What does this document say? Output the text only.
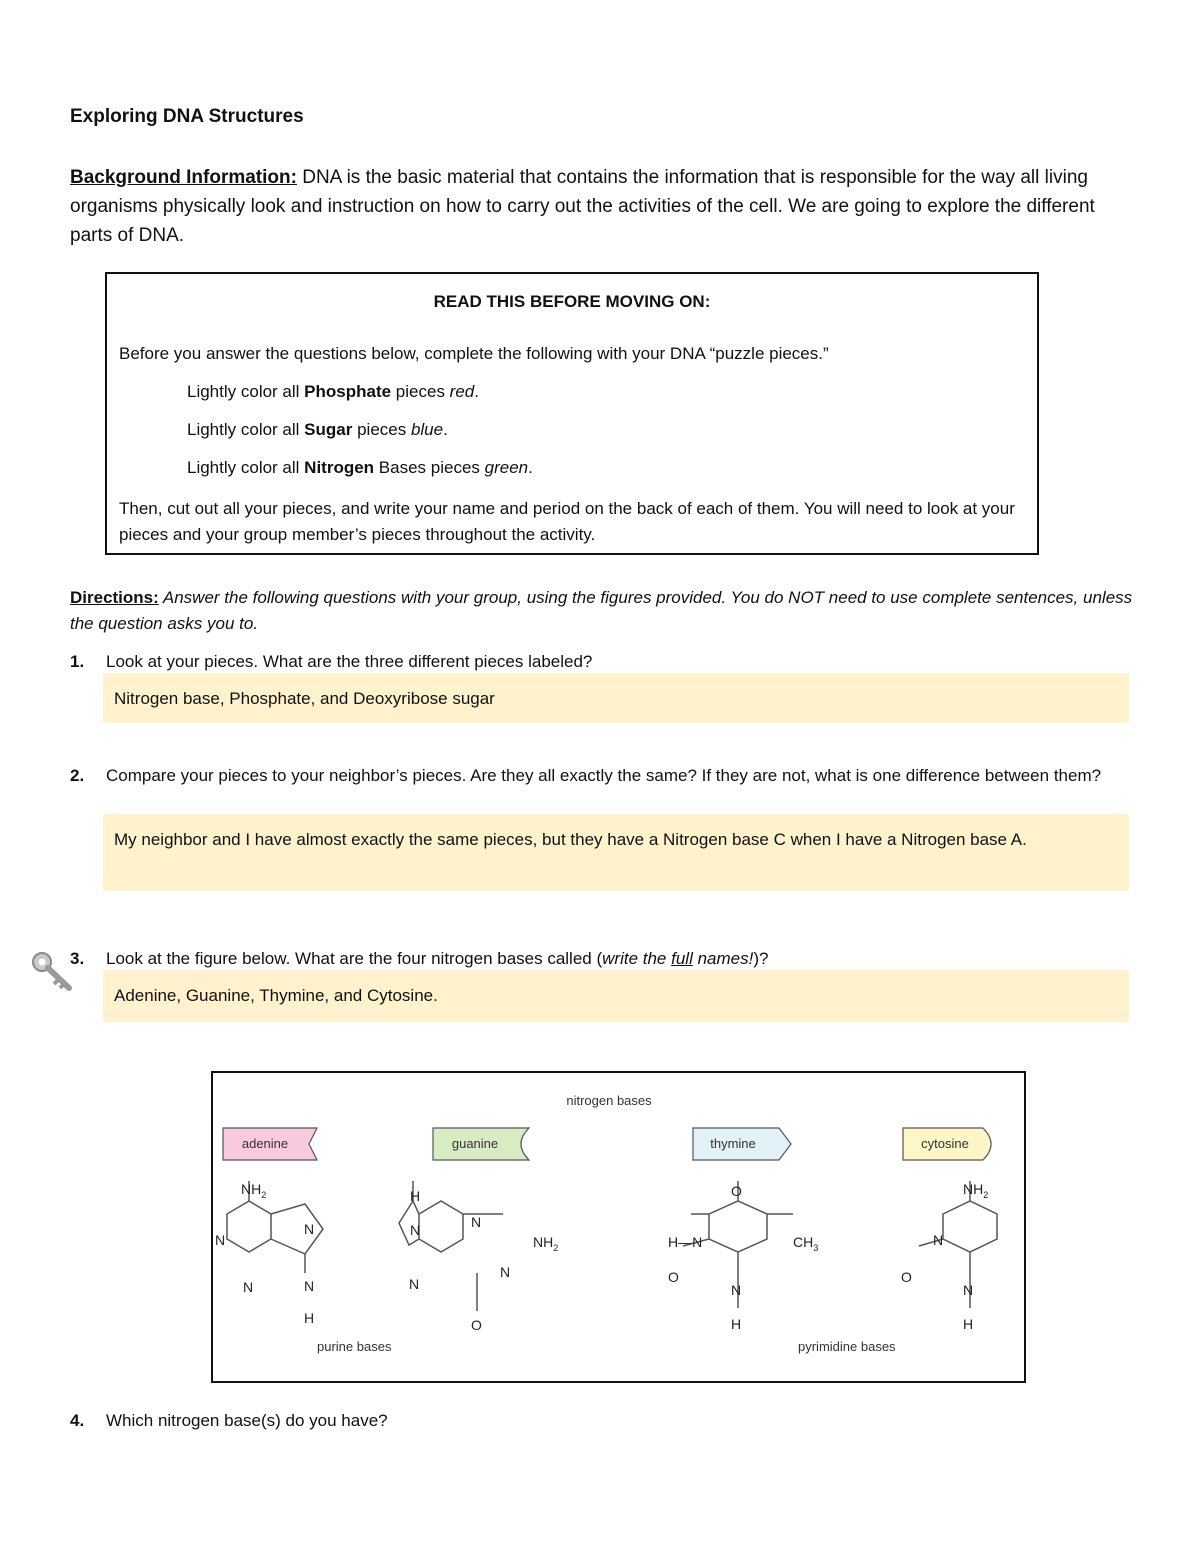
Exploring DNA Structures
Background Information: DNA is the basic material that contains the information that is responsible for the way all living organisms physically look and instruction on how to carry out the activities of the cell. We are going to explore the different parts of DNA.
READ THIS BEFORE MOVING ON:
Before you answer the questions below, complete the following with your DNA “puzzle pieces.”
Lightly color all Phosphate pieces red.
Lightly color all Sugar pieces blue.
Lightly color all Nitrogen Bases pieces green.
Then, cut out all your pieces, and write your name and period on the back of each of them. You will need to look at your pieces and your group member’s pieces throughout the activity.
Directions: Answer the following questions with your group, using the figures provided. You do NOT need to use complete sentences, unless the question asks you to.
1. Look at your pieces. What are the three different pieces labeled?
Nitrogen base, Phosphate, and Deoxyribose sugar
2. Compare your pieces to your neighbor’s pieces. Are they all exactly the same? If they are not, what is one difference between them?
My neighbor and I have almost exactly the same pieces, but they have a Nitrogen base C when I have a Nitrogen base A.
3. Look at the figure below. What are the four nitrogen bases called (write the full names!)?
Adenine, Guanine, Thymine, and Cytosine.
nitrogen bases
adenine	guanine	thymine	cytosine
$NH_2$
N
N
N
N
H
H
N
N
N
N
$NH_2$
O
O
H—N	$CH_3$
O
N
H
$NH_2$
N
O
N
H
purine bases	pyrimidine bases
4. Which nitrogen base(s) do you have?
